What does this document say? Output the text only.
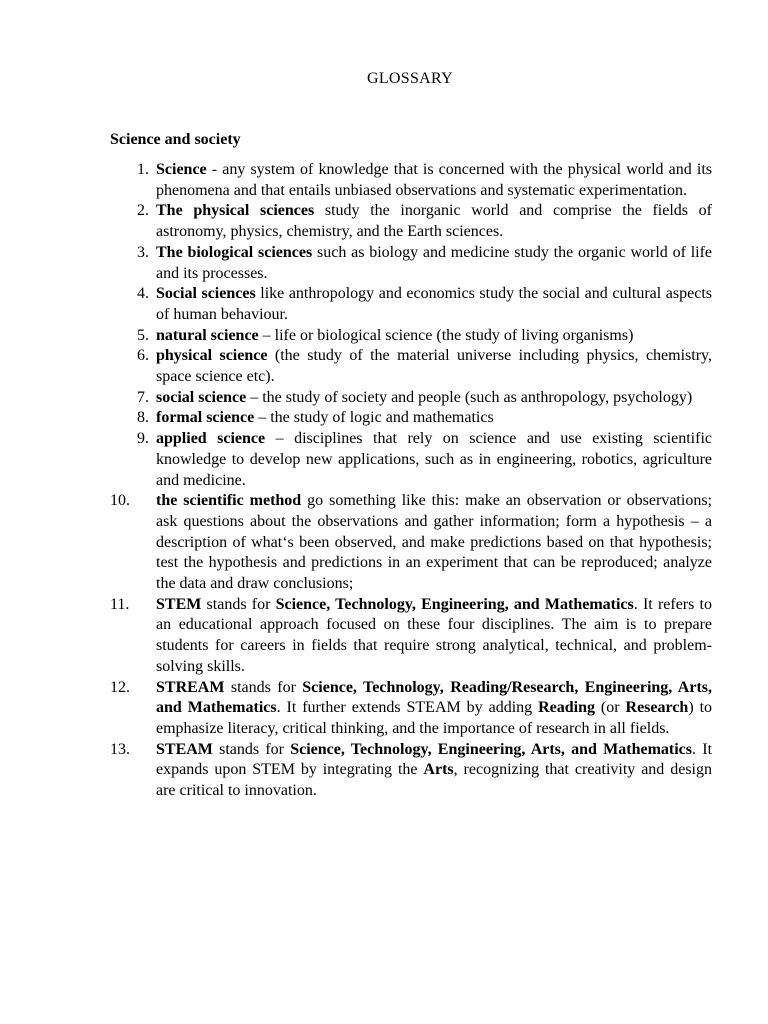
GLOSSARY
Science and society
1. Science - any system of knowledge that is concerned with the physical world and its phenomena and that entails unbiased observations and systematic experimentation.
2. The physical sciences study the inorganic world and comprise the fields of astronomy, physics, chemistry, and the Earth sciences.
3. The biological sciences such as biology and medicine study the organic world of life and its processes.
4. Social sciences like anthropology and economics study the social and cultural aspects of human behaviour.
5. natural science – life or biological science (the study of living organisms)
6. physical science (the study of the material universe including physics, chemistry, space science etc).
7. social science – the study of society and people (such as anthropology, psychology)
8. formal science – the study of logic and mathematics
9. applied science – disciplines that rely on science and use existing scientific knowledge to develop new applications, such as in engineering, robotics, agriculture and medicine.
10.	the scientific method go something like this: make an observation or observations; ask questions about the observations and gather information; form a hypothesis – a description of what‘s been observed, and make predictions based on that hypothesis; test the hypothesis and predictions in an experiment that can be reproduced; analyze the data and draw conclusions;
11.	STEM stands for Science, Technology, Engineering, and Mathematics. It refers to an educational approach focused on these four disciplines. The aim is to prepare students for careers in fields that require strong analytical, technical, and problem-solving skills.
12.	STREAM stands for Science, Technology, Reading/Research, Engineering, Arts, and Mathematics. It further extends STEAM by adding Reading (or Research) to emphasize literacy, critical thinking, and the importance of research in all fields.
13.	STEAM stands for Science, Technology, Engineering, Arts, and Mathematics. It expands upon STEM by integrating the Arts, recognizing that creativity and design are critical to innovation.
